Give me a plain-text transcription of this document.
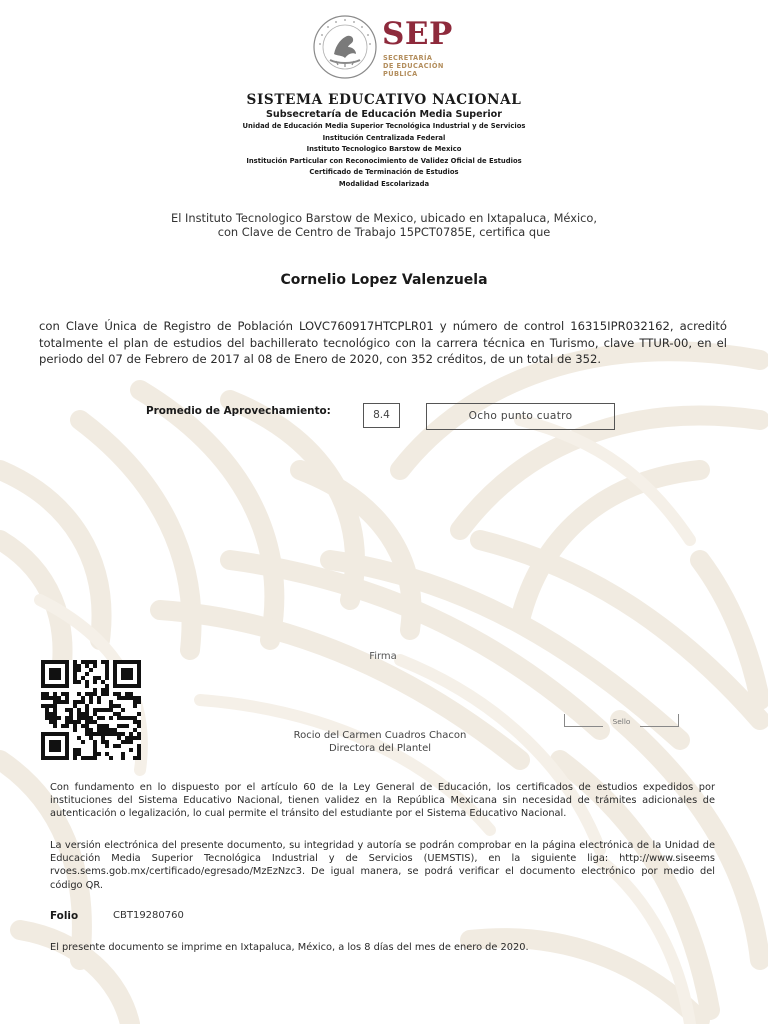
SEP
SECRETARÍA
DE EDUCACIÓN
PÚBLICA
SISTEMA EDUCATIVO NACIONAL
Subsecretaría de Educación Media Superior
Unidad de Educación Media Superior Tecnológica Industrial y de Servicios
Institución Centralizada Federal
Instituto Tecnologico Barstow de Mexico
Institución Particular con Reconocimiento de Validez Oficial de Estudios
Certificado de Terminación de Estudios
Modalidad Escolarizada
El Instituto Tecnologico Barstow de Mexico, ubicado en Ixtapaluca, México,
con Clave de Centro de Trabajo 15PCT0785E, certifica que
Cornelio Lopez Valenzuela
con Clave Única de Registro de Población LOVC760917HTCPLR01 y número de control 16315IPR032162, acreditó totalmente el plan de estudios del bachillerato tecnológico con la carrera técnica en Turismo, clave TTUR-00, en el periodo del 07 de Febrero de 2017 al 08 de Enero de 2020, con 352 créditos, de un total de 352.
Promedio de Aprovechamiento:	8.4	Ocho punto cuatro
Firma
Sello
Rocio del Carmen Cuadros Chacon
Directora del Plantel
Con fundamento en lo dispuesto por el artículo 60 de la Ley General de Educación, los certificados de estudios expedidos por instituciones del Sistema Educativo Nacional, tienen validez en la República Mexicana sin necesidad de trámites adicionales de autenticación o legalización, lo cual permite el tránsito del estudiante por el Sistema Educativo Nacional.
La versión electrónica del presente documento, su integridad y autoría se podrán comprobar en la página electrónica de la Unidad de Educación Media Superior Tecnológica Industrial y de Servicios (UEMSTIS), en la siguiente liga: http://www.siseems rvoes.sems.gob.mx/certificado/egresado/MzEzNzc3. De igual manera, se podrá verificar el documento electrónico por medio del código QR.
Folio	CBT19280760
El presente documento se imprime en Ixtapaluca, México, a los 8 días del mes de enero de 2020.
